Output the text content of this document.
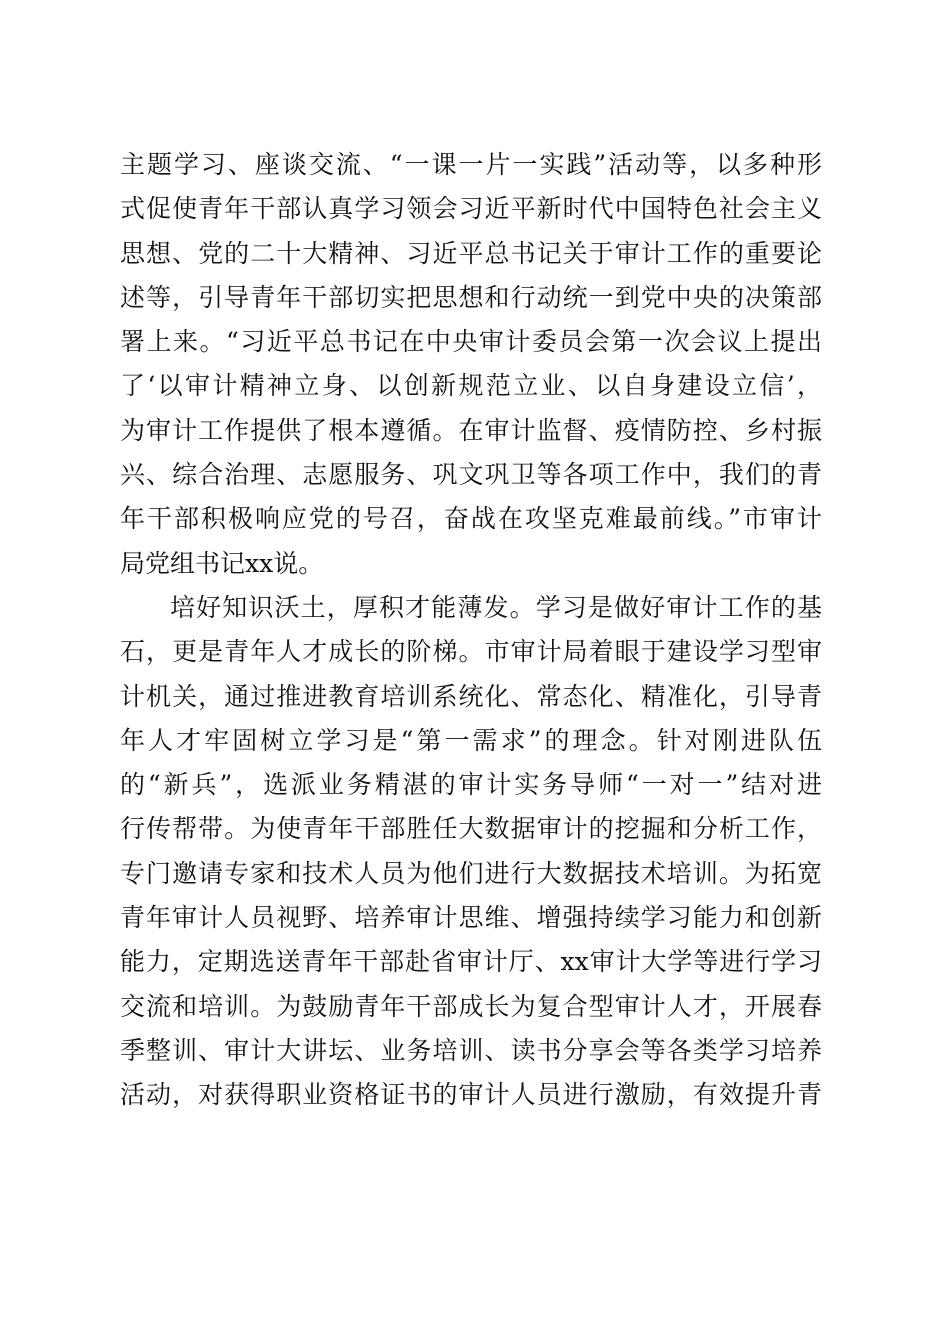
主题学习、座谈交流、“一课一片一实践”活动等，以多种形
式促使青年干部认真学习领会习近平新时代中国特色社会主义
思想、党的二十大精神、习近平总书记关于审计工作的重要论
述等，引导青年干部切实把思想和行动统一到党中央的决策部
署上来。“习近平总书记在中央审计委员会第一次会议上提出
了‘以审计精神立身、以创新规范立业、以自身建设立信’，
为审计工作提供了根本遵循。在审计监督、疫情防控、乡村振
兴、综合治理、志愿服务、巩文巩卫等各项工作中，我们的青
年干部积极响应党的号召，奋战在攻坚克难最前线。”市审计
局党组书记xx说。
培好知识沃土，厚积才能薄发。学习是做好审计工作的基
石，更是青年人才成长的阶梯。市审计局着眼于建设学习型审
计机关，通过推进教育培训系统化、常态化、精准化，引导青
年人才牢固树立学习是“第一需求”的理念。针对刚进队伍
的“新兵”，选派业务精湛的审计实务导师“一对一”结对进
行传帮带。为使青年干部胜任大数据审计的挖掘和分析工作，
专门邀请专家和技术人员为他们进行大数据技术培训。为拓宽
青年审计人员视野、培养审计思维、增强持续学习能力和创新
能力，定期选送青年干部赴省审计厅、xx审计大学等进行学习
交流和培训。为鼓励青年干部成长为复合型审计人才，开展春
季整训、审计大讲坛、业务培训、读书分享会等各类学习培养
活动，对获得职业资格证书的审计人员进行激励，有效提升青
